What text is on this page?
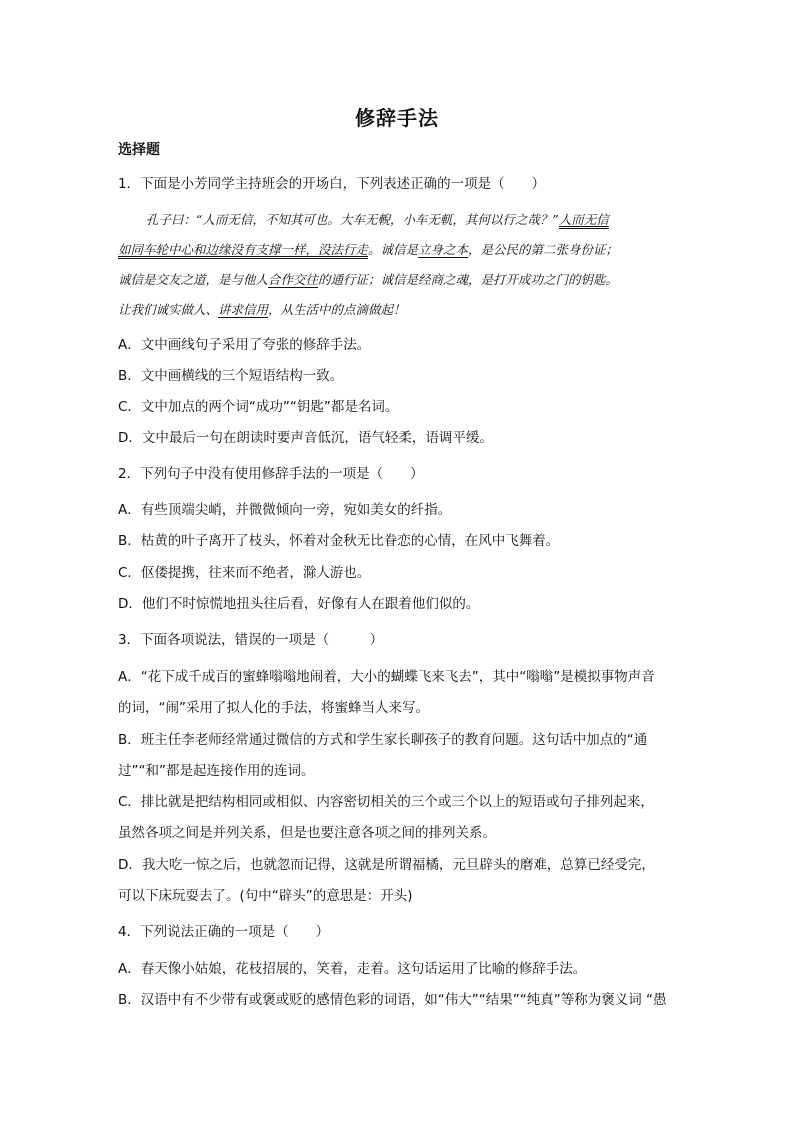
修辞手法
选择题
1．下面是小芳同学主持班会的开场白，下列表述正确的一项是（　　）
孔子曰：“人而无信，不知其可也。大车无輗，小车无軏，其何以行之哉？”人而无信
如同车轮中心和边缘没有支撑一样，没法行走。诚信是立身之本，是公民的第二张身份证；
诚信是交友之道，是与他人合作交往的通行证；诚信是经商之魂，是打开成功之门的钥匙。
让我们诚实做人、讲求信用，从生活中的点滴做起！
A．文中画线句子采用了夸张的修辞手法。
B．文中画横线的三个短语结构一致。
C．文中加点的两个词“成功”“钥匙”都是名词。
D．文中最后一句在朗读时要声音低沉，语气轻柔，语调平缓。
2．下列句子中没有使用修辞手法的一项是（　　）
A．有些顶端尖峭，并微微倾向一旁，宛如美女的纤指。
B．枯黄的叶子离开了枝头，怀着对金秋无比眷恋的心情，在风中飞舞着。
C．伛偻提携，往来而不绝者，滁人游也。
D．他们不时惊慌地扭头往后看，好像有人在跟着他们似的。
3．下面各项说法，错误的一项是（　　　）
A．“花下成千成百的蜜蜂嗡嗡地闹着，大小的蝴蝶飞来飞去”，其中“嗡嗡”是模拟事物声音
的词，“闹”采用了拟人化的手法，将蜜蜂当人来写。
B．班主任李老师经常通过微信的方式和学生家长聊孩子的教育问题。这句话中加点的“通
过”“和”都是起连接作用的连词。
C．排比就是把结构相同或相似、内容密切相关的三个或三个以上的短语或句子排列起来，
虽然各项之间是并列关系，但是也要注意各项之间的排列关系。
D．我大吃一惊之后，也就忽而记得，这就是所谓福橘，元旦辟头的磨难，总算已经受完，
可以下床玩耍去了。(句中“辟头”的意思是：开头)
4．下列说法正确的一项是（　　）
A．春天像小姑娘，花枝招展的，笑着，走着。这句话运用了比喻的修辞手法。
B．汉语中有不少带有或褒或贬的感情色彩的词语，如“伟大”“结果”“纯真”等称为褒义词 “愚
